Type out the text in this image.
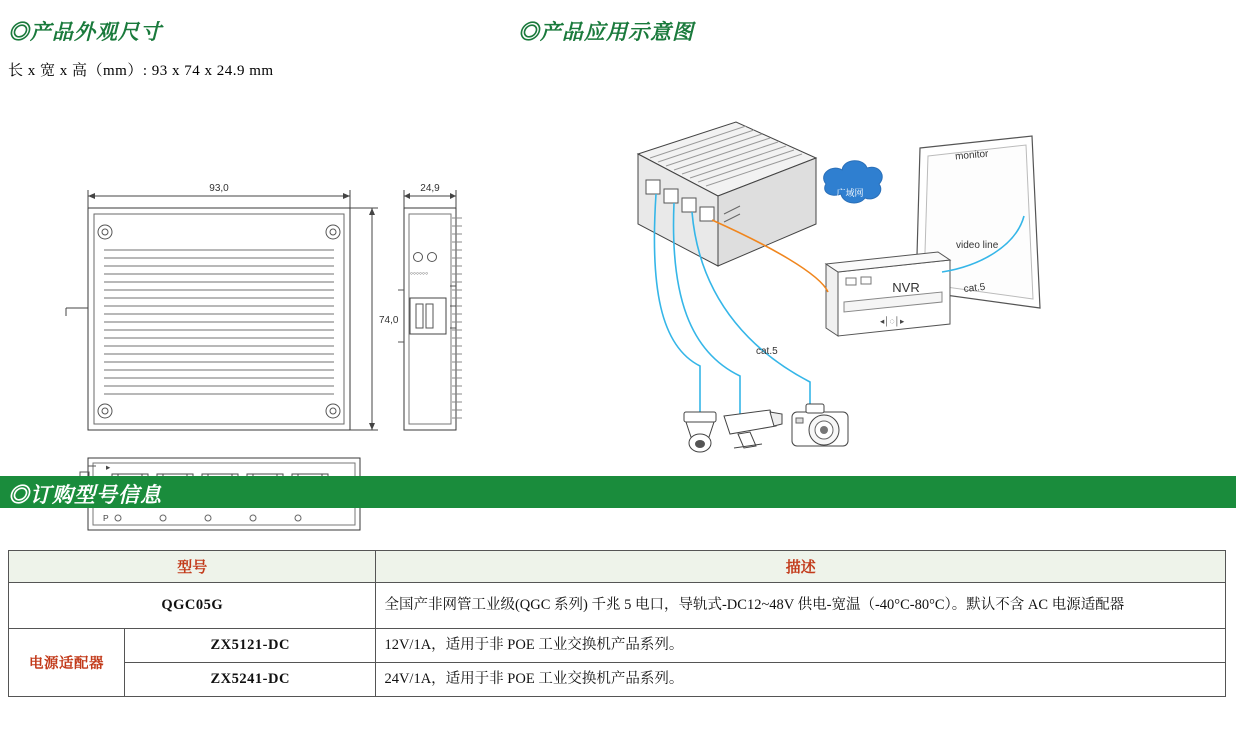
◎产品外观尺寸	◎产品应用示意图
长 x 宽 x 高（mm）: 93 x 74 x 24.9 mm
93,0	24,9
74,0
P
▸
◦◦◦◦◦◦
monitor
广域网
NVR
◂│◌│▸
cat.5
cat.5
video line
◎订购型号信息
型号		描述
QGC05G		全国产非网管工业级(QGC 系列) 千兆 5 电口，导轨式-DC12~48V 供电-宽温（-40°C-80°C）。默认不含 AC 电源适配器
电源适配器	ZX5121-DC	12V/1A，适用于非 POE 工业交换机产品系列。
	ZX5241-DC	24V/1A，适用于非 POE 工业交换机产品系列。
